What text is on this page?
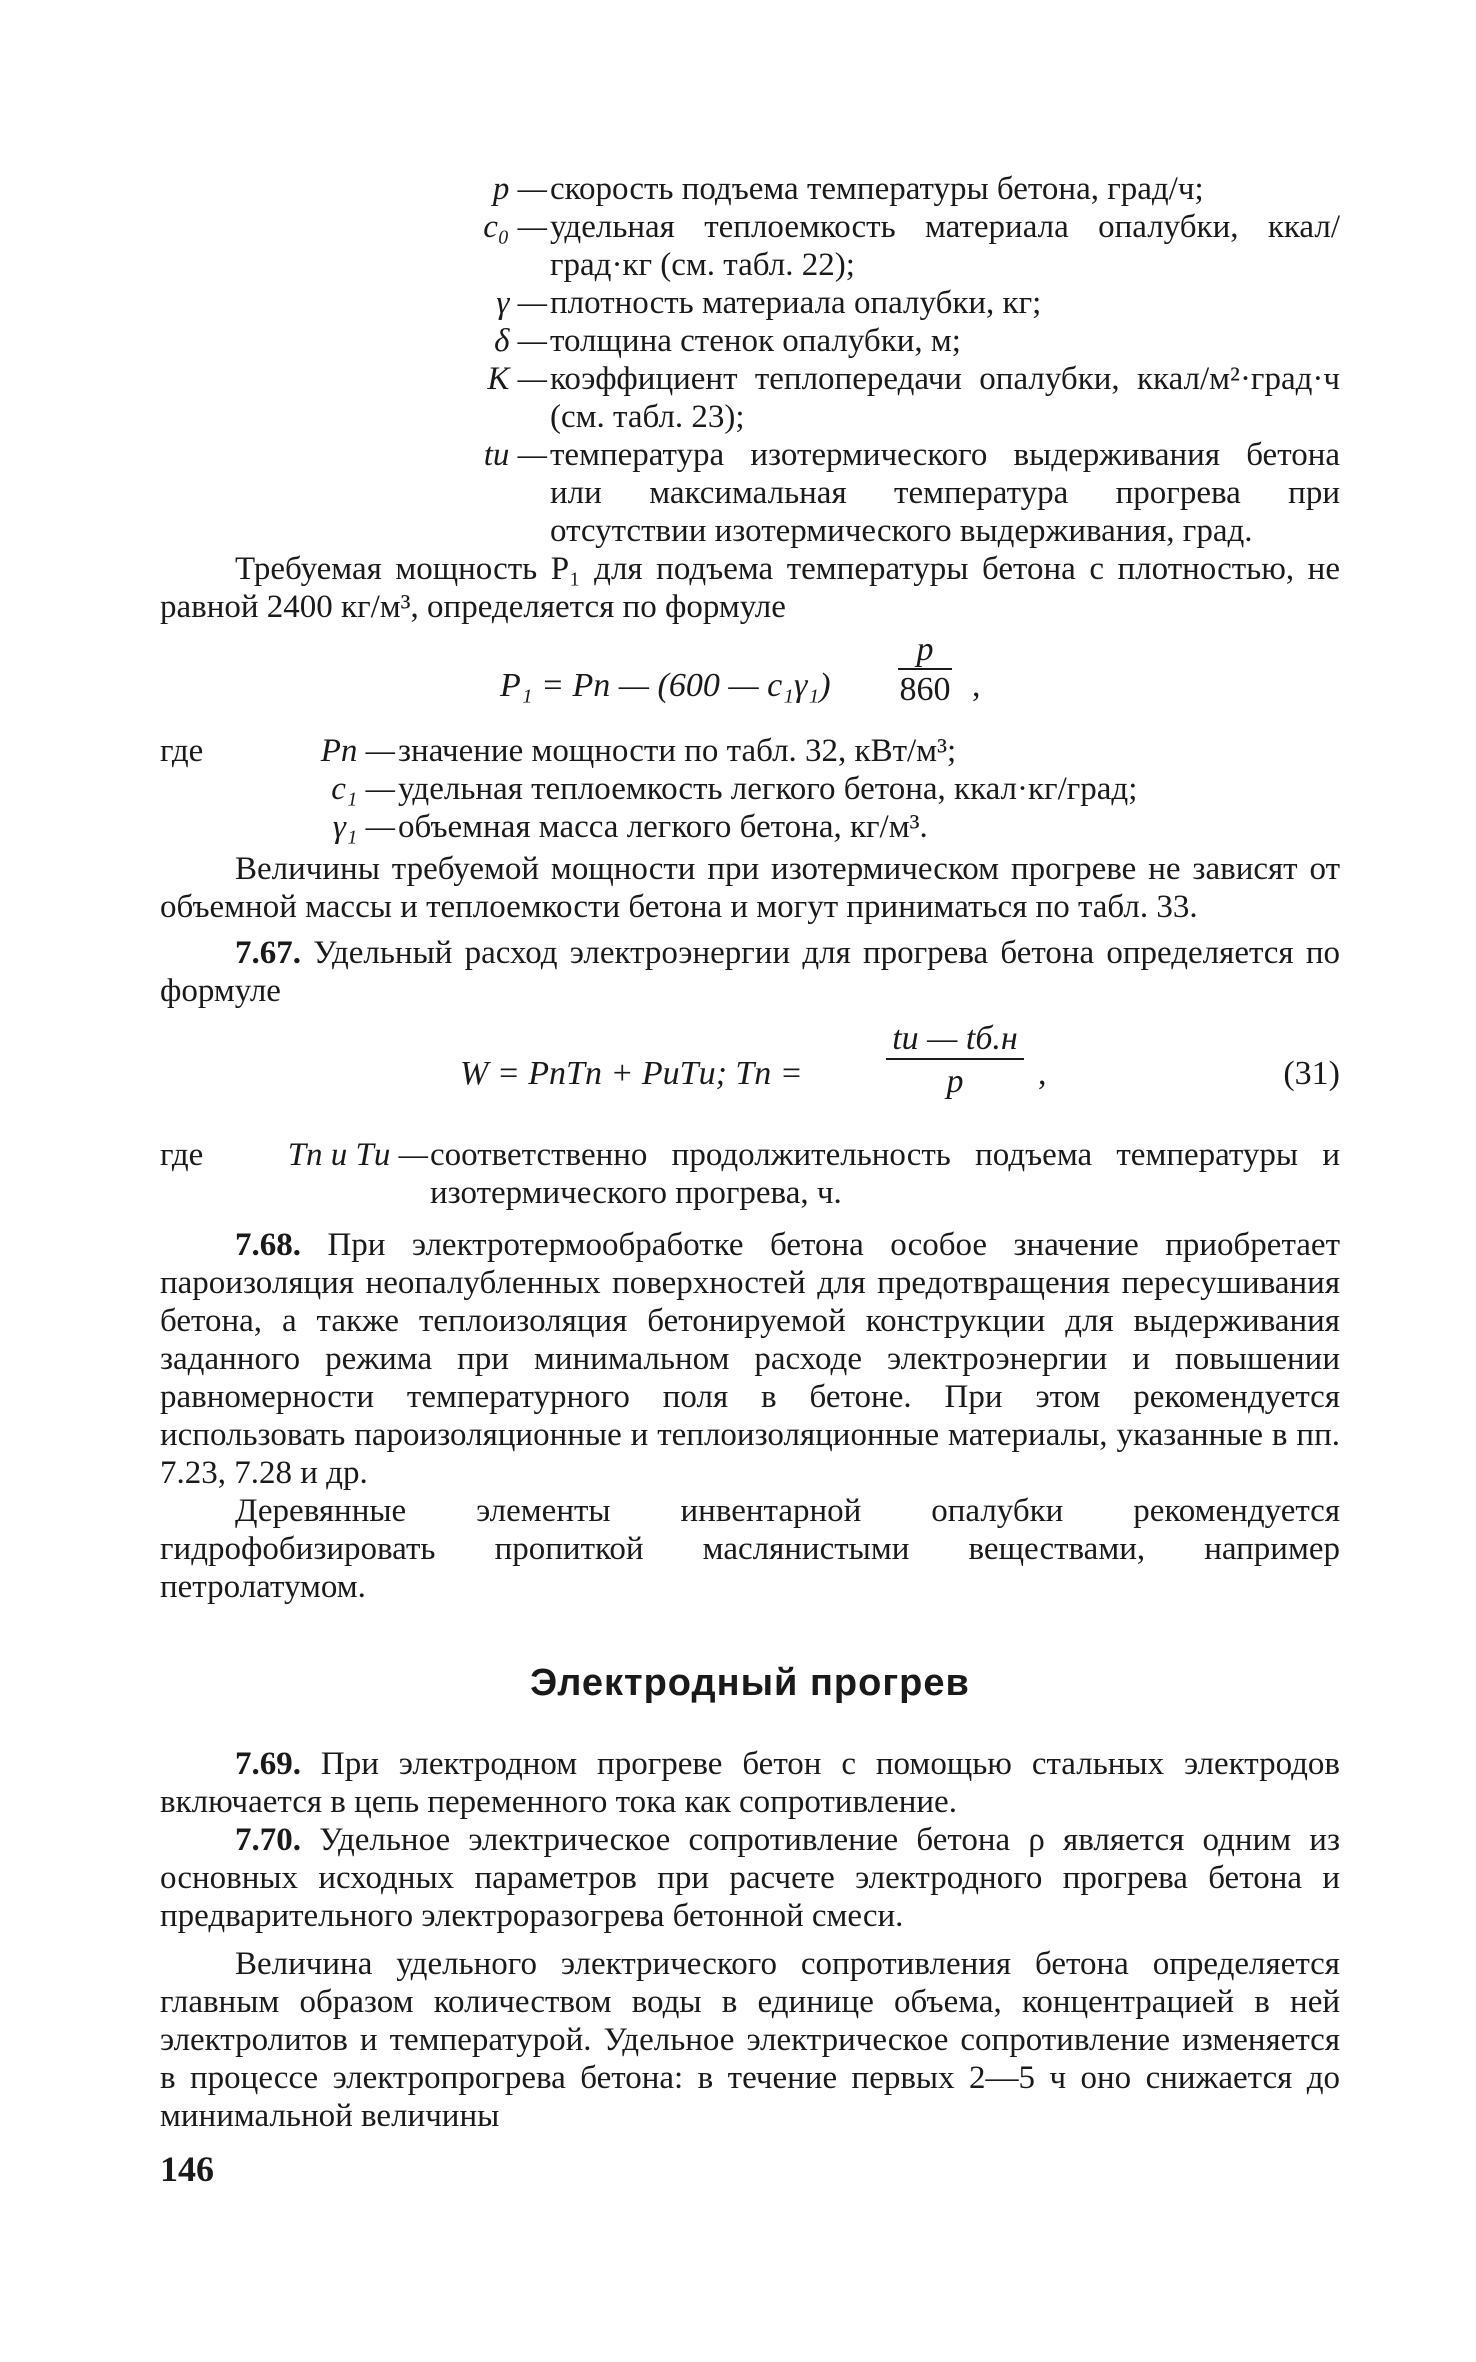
p — скорость подъема температуры бетона, град/ч;
c₀ — удельная теплоемкость материала опалубки, ккал/град·кг (см. табл. 22);
γ — плотность материала опалубки, кг;
δ — толщина стенок опалубки, м;
K — коэффициент теплопередачи опалубки, ккал/м²·град·ч (см. табл. 23);
tи — температура изотермического выдерживания бетона или максимальная температура прогрева при отсутствии изотермического выдерживания, град.

Требуемая мощность P₁ для подъема температуры бетона с плотностью, не равной 2400 кг/м³, определяется по формуле

P₁ = Pп — (600 — c₁γ₁)
p
860 ,
где	Pп — значение мощности по табл. 32, кВт/м³;
c₁ — удельная теплоемкость легкого бетона, ккал·кг/град;
γ₁ — объемная масса легкого бетона, кг/м³.

Величины требуемой мощности при изотермическом прогреве не зависят от объемной массы и теплоемкости бетона и могут приниматься по табл. 33.

7.67. Удельный расход электроэнергии для прогрева бетона определяется по формуле

W = PпTп + PиTи; Tп =
tи — tб.н
p	,	(31)
где	Tп и Tи — соответственно продолжительность подъема температуры и изотермического прогрева, ч.

7.68. При электротермообработке бетона особое значение приобретает пароизоляция неопалубленных поверхностей для предотвращения пересушивания бетона, а также теплоизоляция бетонируемой конструкции для выдерживания заданного режима при минимальном расходе электроэнергии и повышении равномерности температурного поля в бетоне. При этом рекомендуется использовать пароизоляционные и теплоизоляционные материалы, указанные в пп. 7.23, 7.28 и др.

Деревянные элементы инвентарной опалубки рекомендуется гидрофобизировать пропиткой маслянистыми веществами, например петролатумом.

Электродный прогрев

7.69. При электродном прогреве бетон с помощью стальных электродов включается в цепь переменного тока как сопротивление.

7.70. Удельное электрическое сопротивление бетона ρ является одним из основных исходных параметров при расчете электродного прогрева бетона и предварительного электроразогрева бетонной смеси.

Величина удельного электрического сопротивления бетона определяется главным образом количеством воды в единице объема, концентрацией в ней электролитов и температурой. Удельное электрическое сопротивление изменяется в процессе электропрогрева бетона: в течение первых 2—5 ч оно снижается до минимальной величины

146
